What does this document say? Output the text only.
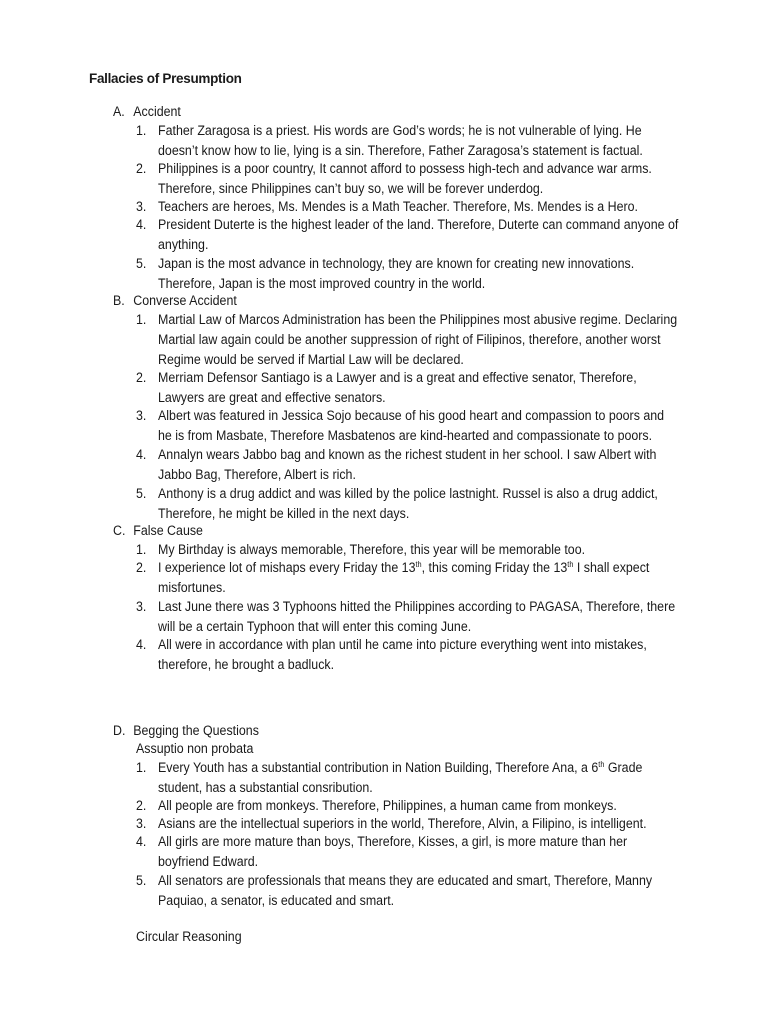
Fallacies of Presumption
A. Accident
1. Father Zaragosa is a priest. His words are God’s words; he is not vulnerable of lying. He
doesn’t know how to lie, lying is a sin. Therefore, Father Zaragosa’s statement is factual.
2. Philippines is a poor country, It cannot afford to possess high-tech and advance war arms.
Therefore, since Philippines can’t buy so, we will be forever underdog.
3. Teachers are heroes, Ms. Mendes is a Math Teacher. Therefore, Ms. Mendes is a Hero.
4. President Duterte is the highest leader of the land. Therefore, Duterte can command anyone of
anything.
5. Japan is the most advance in technology, they are known for creating new innovations.
Therefore, Japan is the most improved country in the world.
B. Converse Accident
1. Martial Law of Marcos Administration has been the Philippines most abusive regime. Declaring
Martial law again could be another suppression of right of Filipinos, therefore, another worst
Regime would be served if Martial Law will be declared.
2. Merriam Defensor Santiago is a Lawyer and is a great and effective senator, Therefore,
Lawyers are great and effective senators.
3. Albert was featured in Jessica Sojo because of his good heart and compassion to poors and
he is from Masbate, Therefore Masbatenos are kind-hearted and compassionate to poors.
4. Annalyn wears Jabbo bag and known as the richest student in her school. I saw Albert with
Jabbo Bag, Therefore, Albert is rich.
5. Anthony is a drug addict and was killed by the police lastnight. Russel is also a drug addict,
Therefore, he might be killed in the next days.
C. False Cause
1. My Birthday is always memorable, Therefore, this year will be memorable too.
2. I experience lot of mishaps every Friday the 13th, this coming Friday the 13th I shall expect
misfortunes.
3. Last June there was 3 Typhoons hitted the Philippines according to PAGASA, Therefore, there
will be a certain Typhoon that will enter this coming June.
4. All were in accordance with plan until he came into picture everything went into mistakes,
therefore, he brought a badluck.
D. Begging the Questions
Assuptio non probata
1. Every Youth has a substantial contribution in Nation Building, Therefore Ana, a 6th Grade
student, has a substantial consribution.
2. All people are from monkeys. Therefore, Philippines, a human came from monkeys.
3. Asians are the intellectual superiors in the world, Therefore, Alvin, a Filipino, is intelligent.
4. All girls are more mature than boys, Therefore, Kisses, a girl, is more mature than her
boyfriend Edward.
5. All senators are professionals that means they are educated and smart, Therefore, Manny
Paquiao, a senator, is educated and smart.
Circular Reasoning
